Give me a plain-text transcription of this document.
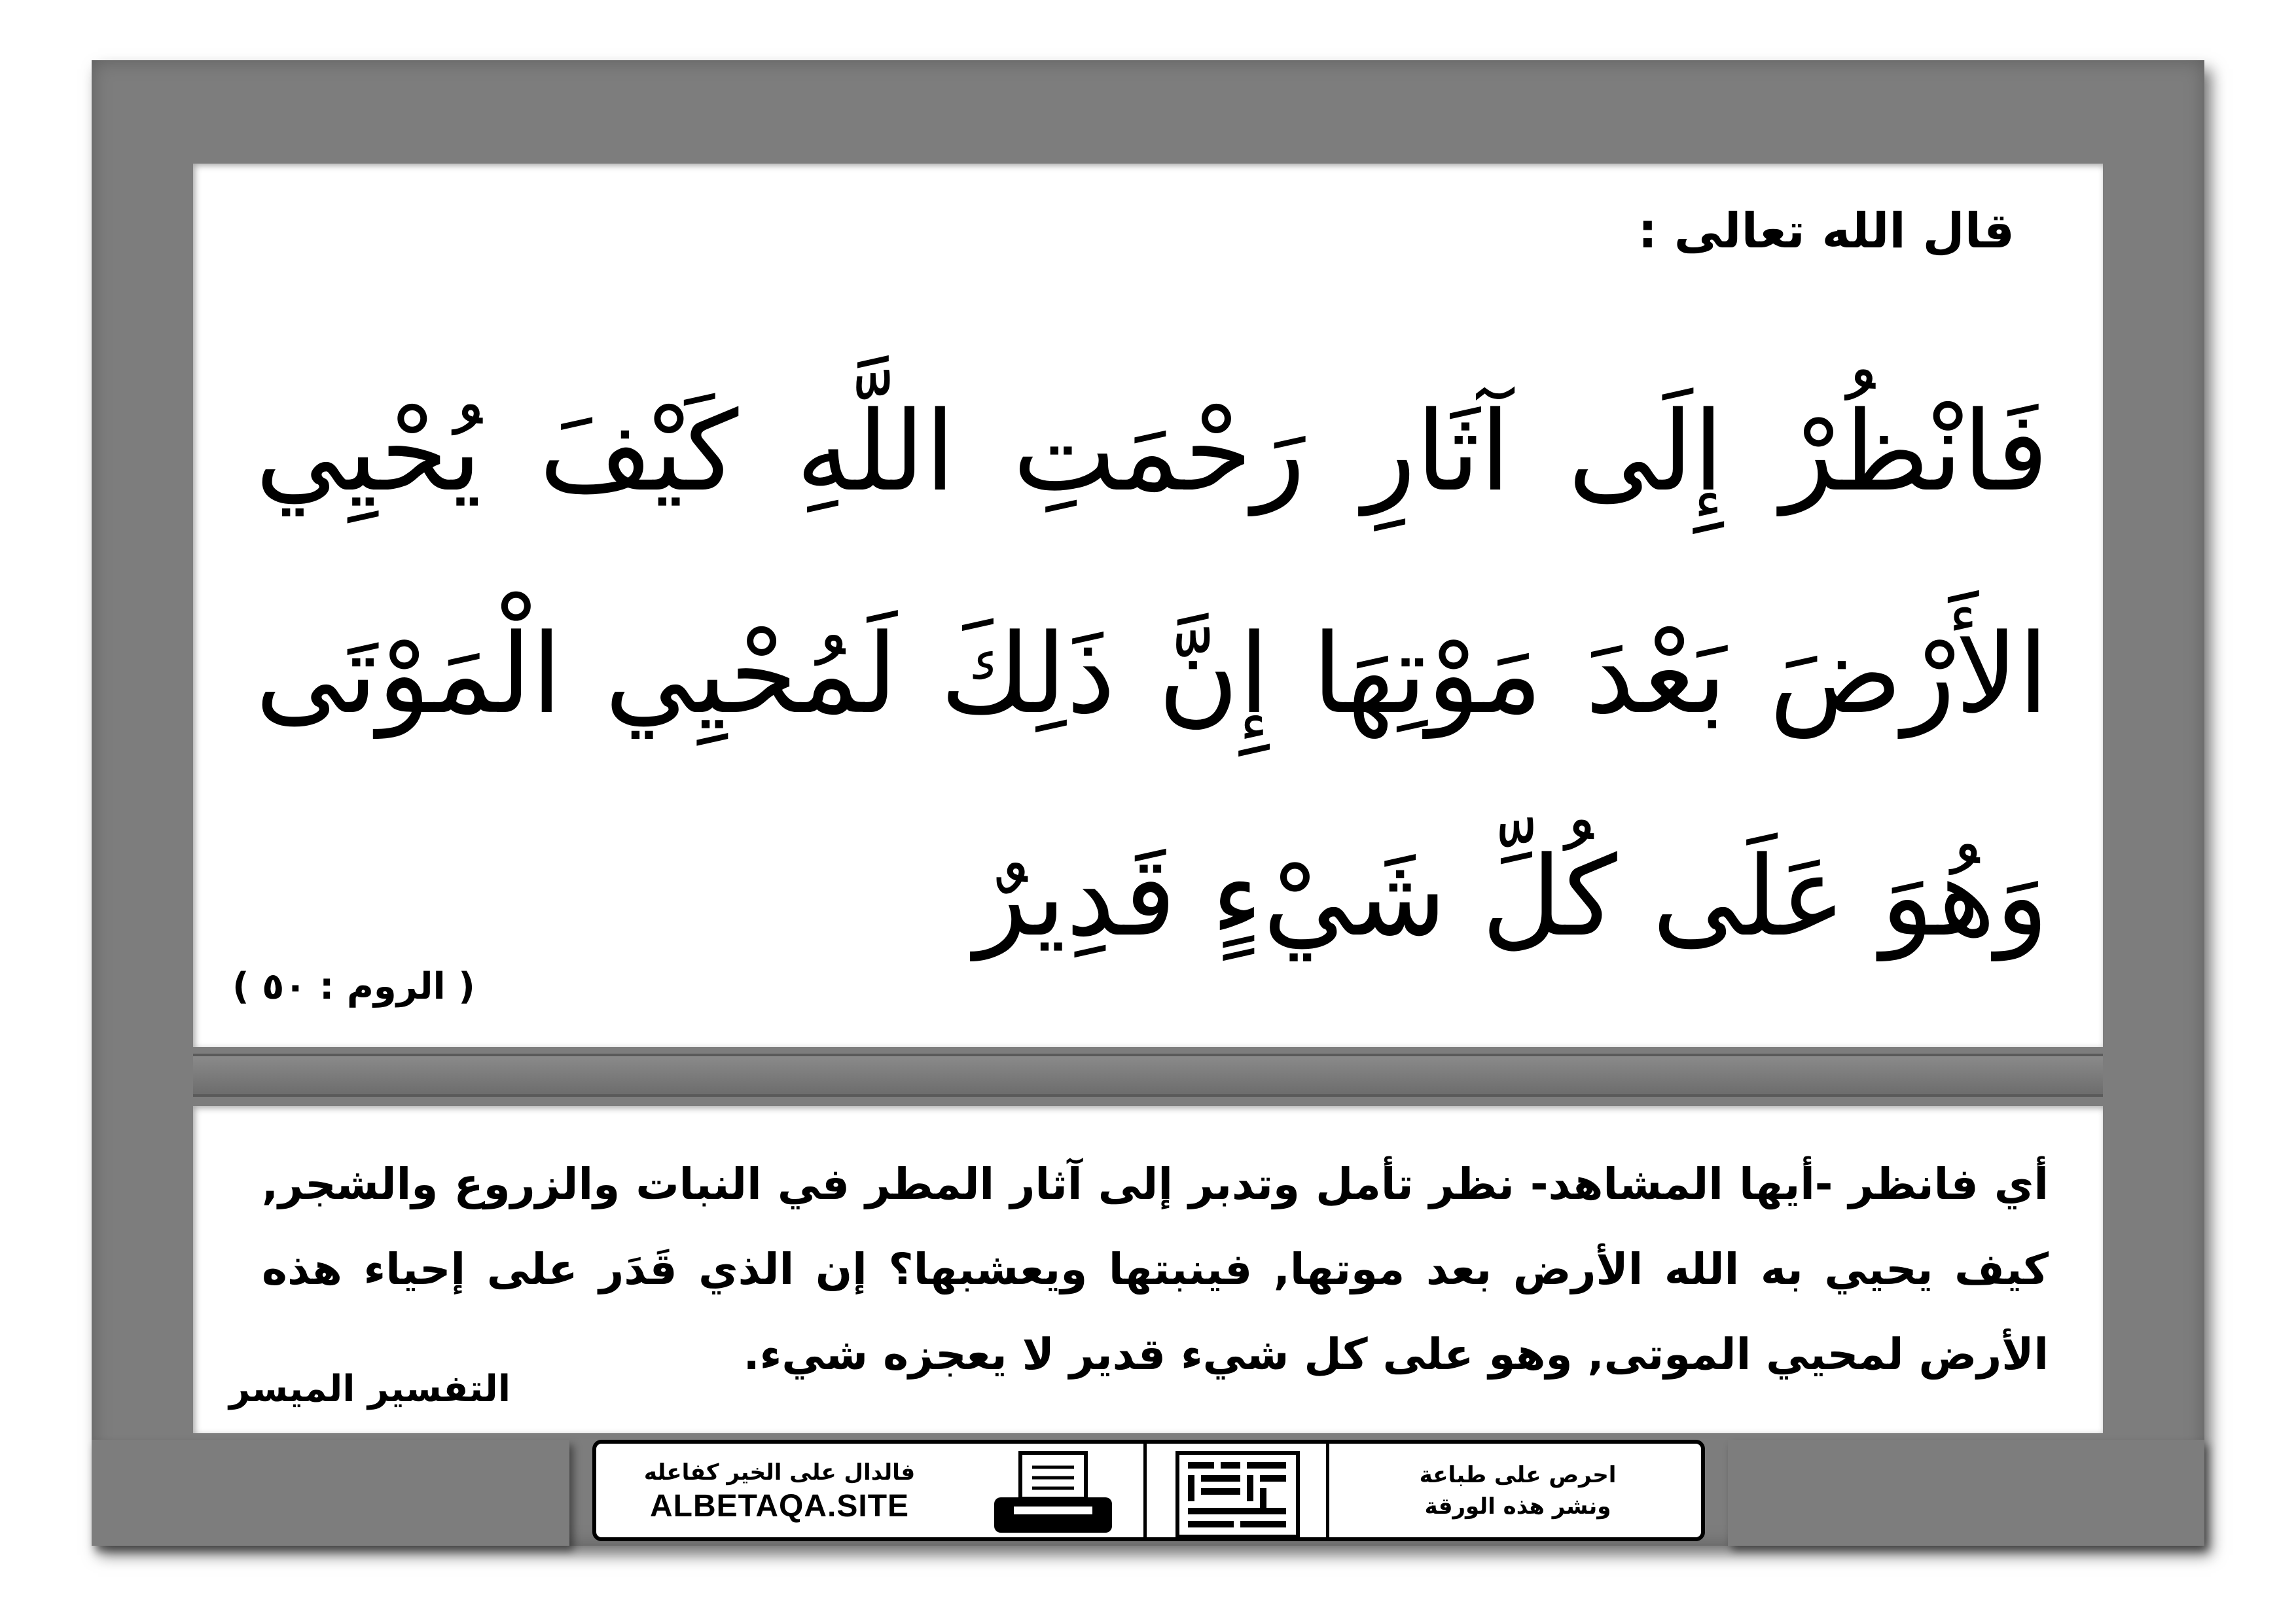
قال الله تعالى :
فَانْظُرْ إِلَى آثَارِ رَحْمَتِ اللَّهِ كَيْفَ يُحْيِي الأَرْضَ بَعْدَ مَوْتِهَا إِنَّ ذَلِكَ لَمُحْيِي الْمَوْتَى وَهُوَ عَلَى كُلِّ شَيْءٍ قَدِيرٌ
( الروم : ٥٠ )
أي فانظر -أيها المشاهد- نظر تأمل وتدبر إلى آثار المطر في النبات والزروع والشجر, كيف يحيي به الله الأرض بعد موتها, فينبتها ويعشبها؟ إن الذي قَدَر على إحياء هذه الأرض لمحيي الموتى, وهو على كل شيء قدير لا يعجزه شيء.
التفسير الميسر
فالدال على الخير كفاعله
ALBETAQA.SITE
احرص على طباعة
ونشر هذه الورقة
